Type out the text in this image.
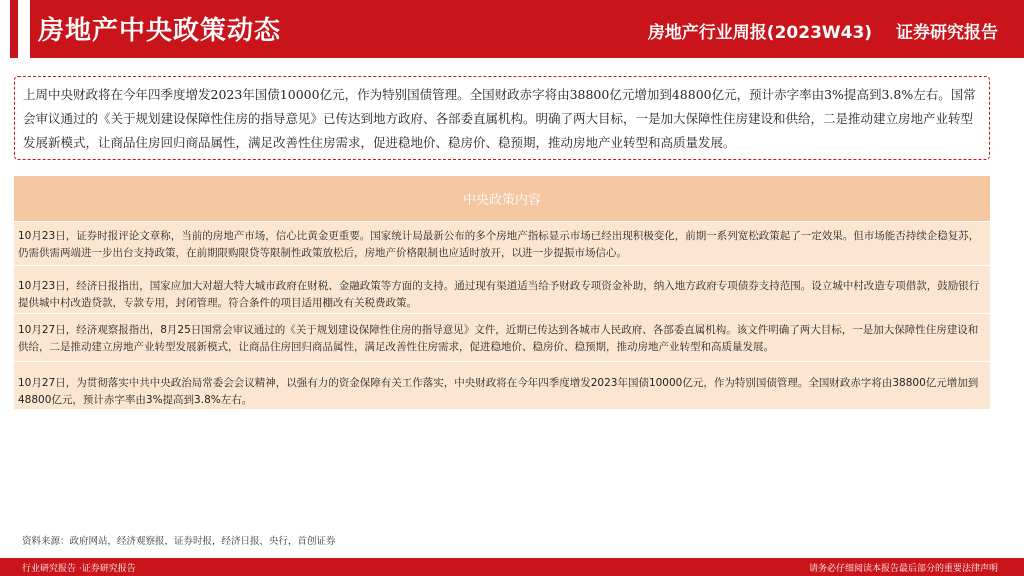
房地产中央政策动态	房地产行业周报(2023W43) 证券研究报告

上周中央财政将在今年四季度增发2023年国债10000亿元，作为特别国债管理。全国财政赤字将由38800亿元增加到48800亿元，预计赤字率由3%提高到3.8%左右。国常会审议通过的《关于规划建设保障性住房的指导意见》已传达到地方政府、各部委直属机构。明确了两大目标，一是加大保障性住房建设和供给，二是推动建立房地产业转型发展新模式，让商品住房回归商品属性，满足改善性住房需求，促进稳地价、稳房价、稳预期，推动房地产业转型和高质量发展。

中央政策内容
10月23日，证券时报评论文章称，当前的房地产市场，信心比黄金更重要。国家统计局最新公布的多个房地产指标显示市场已经出现积极变化，前期一系列宽松政策起了一定效果。但市场能否持续企稳复苏，仍需供需两端进一步出台支持政策，在前期限购限贷等限制性政策放松后，房地产价格限制也应适时放开，以进一步提振市场信心。
10月23日，经济日报指出，国家应加大对超大特大城市政府在财税、金融政策等方面的支持。通过现有渠道适当给予财政专项资金补助，纳入地方政府专项债券支持范围。设立城中村改造专项借款，鼓励银行提供城中村改造贷款，专款专用，封闭管理。符合条件的项目适用棚改有关税费政策。
10月27日，经济观察报指出，8月25日国常会审议通过的《关于规划建设保障性住房的指导意见》文件，近期已传达到各城市人民政府、各部委直属机构。该文件明确了两大目标，一是加大保障性住房建设和供给，二是推动建立房地产业转型发展新模式，让商品住房回归商品属性，满足改善性住房需求，促进稳地价、稳房价、稳预期，推动房地产业转型和高质量发展。
10月27日，为贯彻落实中共中央政治局常委会会议精神，以强有力的资金保障有关工作落实，中央财政将在今年四季度增发2023年国债10000亿元，作为特别国债管理。全国财政赤字将由38800亿元增加到48800亿元，预计赤字率由3%提高到3.8%左右。
资料来源：政府网站，经济观察报，证券时报，经济日报，央行，首创证券
行业研究报告 ·证券研究报告	请务必仔细阅读本报告最后部分的重要法律声明
